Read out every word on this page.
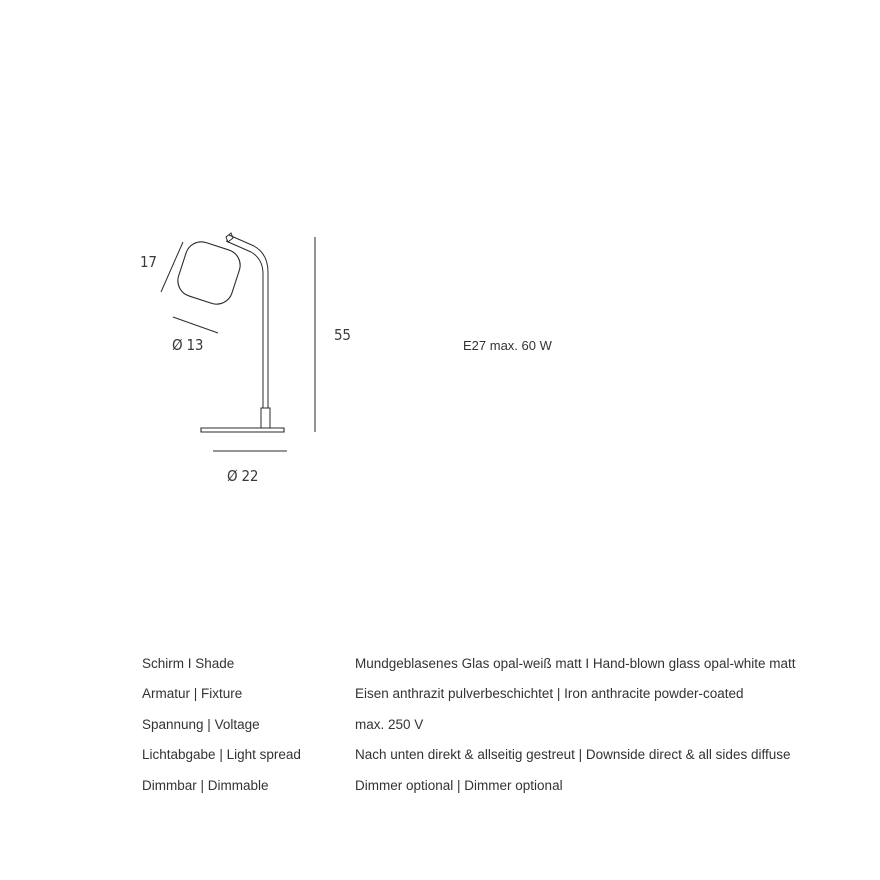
17
Ø 13
55
Ø 22
E27 max. 60 W
Schirm I Shade	Mundgeblasenes Glas opal-weiß matt I Hand-blown glass opal-white matt
Armatur | Fixture	Eisen anthrazit pulverbeschichtet | Iron anthracite powder-coated
Spannung | Voltage	max. 250 V
Lichtabgabe | Light spread	Nach unten direkt & allseitig gestreut | Downside direct & all sides diffuse
Dimmbar | Dimmable	Dimmer optional | Dimmer optional
